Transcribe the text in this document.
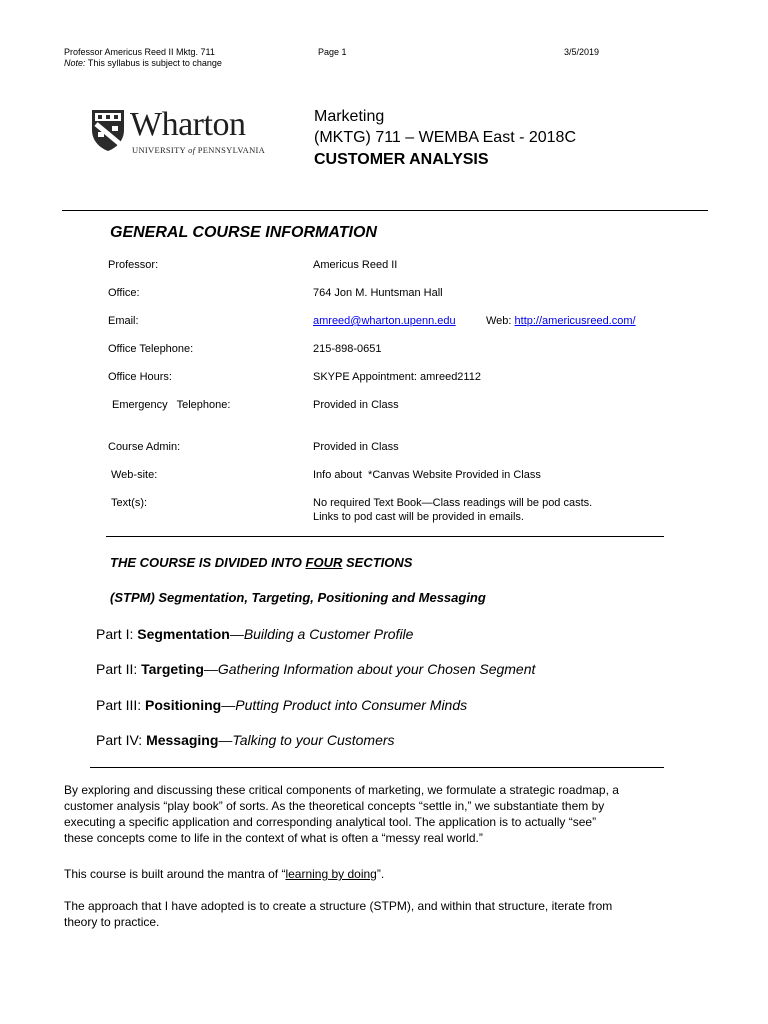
Professor Americus Reed II Mktg. 711
Note: This syllabus is subject to change
Page 1	3/5/2019
Wharton
UNIVERSITY of PENNSYLVANIA
Marketing
(MKTG) 711 – WEMBA East - 2018C
CUSTOMER ANALYSIS
GENERAL COURSE INFORMATION
Professor:	Americus Reed II
Office:	764 Jon M. Huntsman Hall
Email:	amreed@wharton.upenn.edu	Web: http://americusreed.com/
Office Telephone:	215-898-0651
Office Hours:	SKYPE Appointment: amreed2112
Emergency   Telephone:	Provided in Class
Course Admin:	Provided in Class
Web-site:	Info about  *Canvas Website Provided in Class
Text(s):	No required Text Book—Class readings will be pod casts.
Links to pod cast will be provided in emails.
THE COURSE IS DIVIDED INTO FOUR SECTIONS
(STPM) Segmentation, Targeting, Positioning and Messaging
Part I: Segmentation—Building a Customer Profile
Part II: Targeting—Gathering Information about your Chosen Segment
Part III: Positioning—Putting Product into Consumer Minds
Part IV: Messaging—Talking to your Customers
By exploring and discussing these critical components of marketing, we formulate a strategic roadmap, a
customer analysis “play book” of sorts. As the theoretical concepts “settle in,” we substantiate them by
executing a specific application and corresponding analytical tool. The application is to actually “see”
these concepts come to life in the context of what is often a “messy real world.”
This course is built around the mantra of “learning by doing”.
The approach that I have adopted is to create a structure (STPM), and within that structure, iterate from
theory to practice.
